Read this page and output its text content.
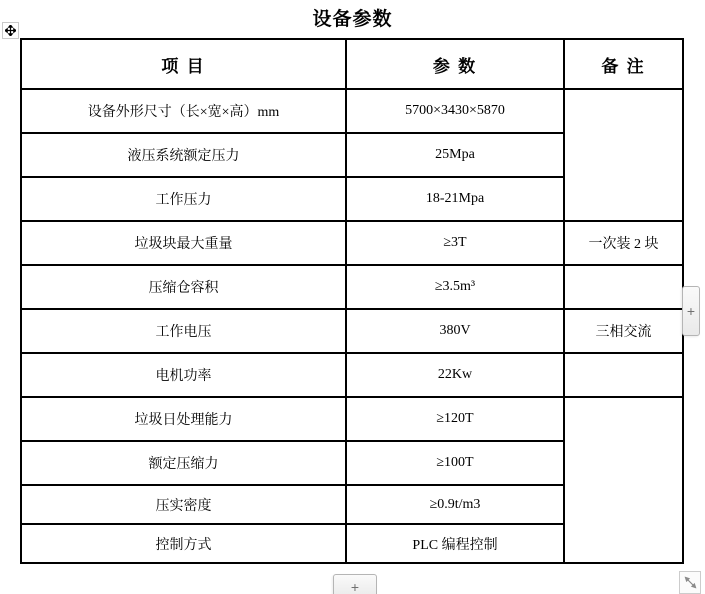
设备参数
项 目	参 数	备 注
设备外形尺寸（长×宽×高）mm	5700×3430×5870	
液压系统额定压力	25Mpa	
工作压力	18-21Mpa	
垃圾块最大重量	≥3T	一次装 2 块
压缩仓容积	≥3.5m³	
工作电压	380V	三相交流
电机功率	22Kw	
垃圾日处理能力	≥120T	
额定压缩力	≥100T	
压实密度	≥0.9t/m3	
控制方式	PLC 编程控制	
+
+
